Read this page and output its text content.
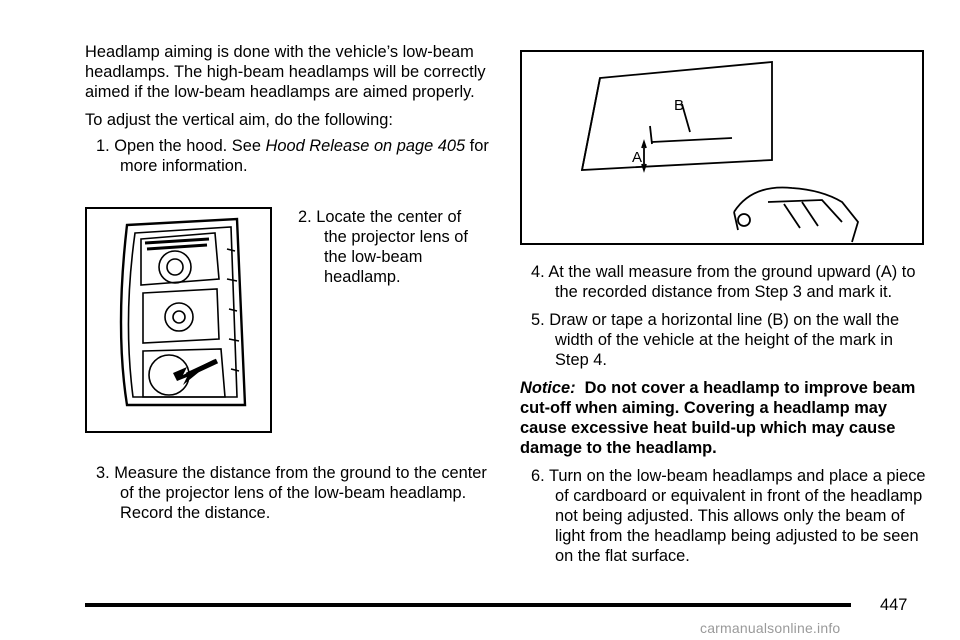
Headlamp aiming is done with the vehicle’s low-beam headlamps. The high-beam headlamps will be correctly aimed if the low-beam headlamps are aimed properly.

To adjust the vertical aim, do the following:

1. Open the hood. See Hood Release on page 405 for more information.

2. Locate the center of the projector lens of the low-beam headlamp.

3. Measure the distance from the ground to the center of the projector lens of the low-beam headlamp. Record the distance.

B
A

4. At the wall measure from the ground upward (A) to the recorded distance from Step 3 and mark it.

5. Draw or tape a horizontal line (B) on the wall the width of the vehicle at the height of the mark in Step 4.

Notice: Do not cover a headlamp to improve beam cut-off when aiming. Covering a headlamp may cause excessive heat build-up which may cause damage to the headlamp.

6. Turn on the low-beam headlamps and place a piece of cardboard or equivalent in front of the headlamp not being adjusted. This allows only the beam of light from the headlamp being adjusted to be seen on the flat surface.

447
carmanualsonline.info
